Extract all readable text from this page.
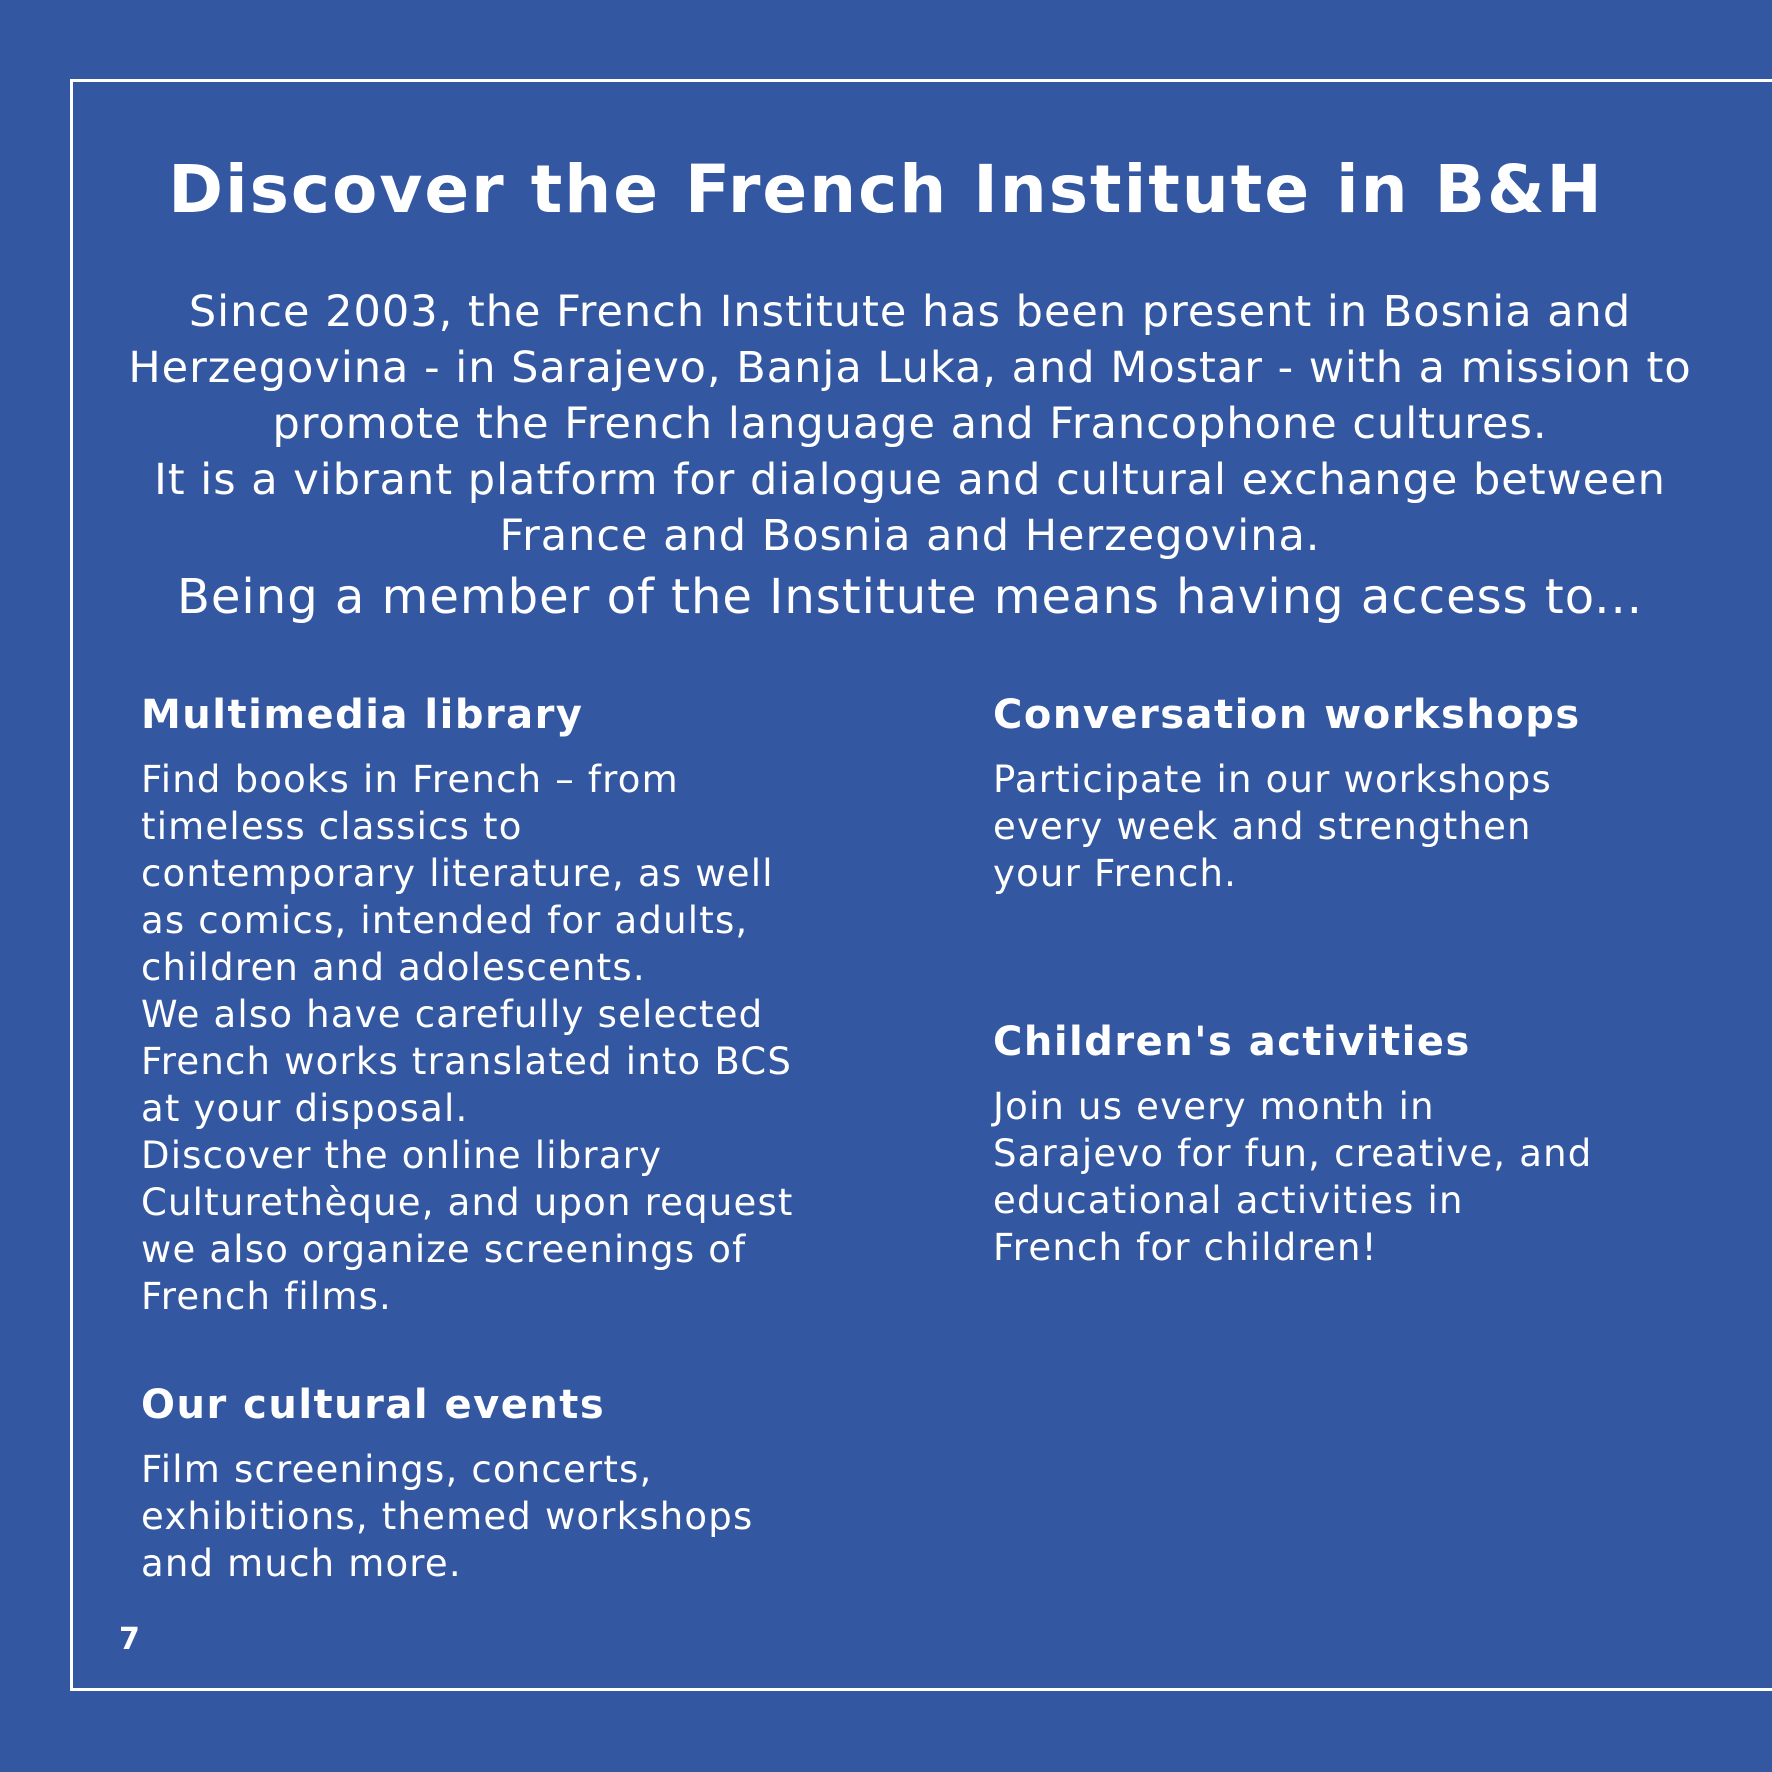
Discover the French Institute in B&H

Since 2003, the French Institute has been present in Bosnia and Herzegovina - in Sarajevo, Banja Luka, and Mostar - with a mission to promote the French language and Francophone cultures.

It is a vibrant platform for dialogue and cultural exchange between France and Bosnia and Herzegovina.

Being a member of the Institute means having access to...

Multimedia library

Find books in French – from
timeless classics to
contemporary literature, as well
as comics, intended for adults,
children and adolescents.
We also have carefully selected
French works translated into BCS
at your disposal.
Discover the online library
Culturethèque, and upon request
we also organize screenings of
French films.

Our cultural events

Film screenings, concerts,
exhibitions, themed workshops
and much more.

Conversation workshops

Participate in our workshops
every week and strengthen
your French.

Children's activities

Join us every month in
Sarajevo for fun, creative, and
educational activities in
French for children!

7
